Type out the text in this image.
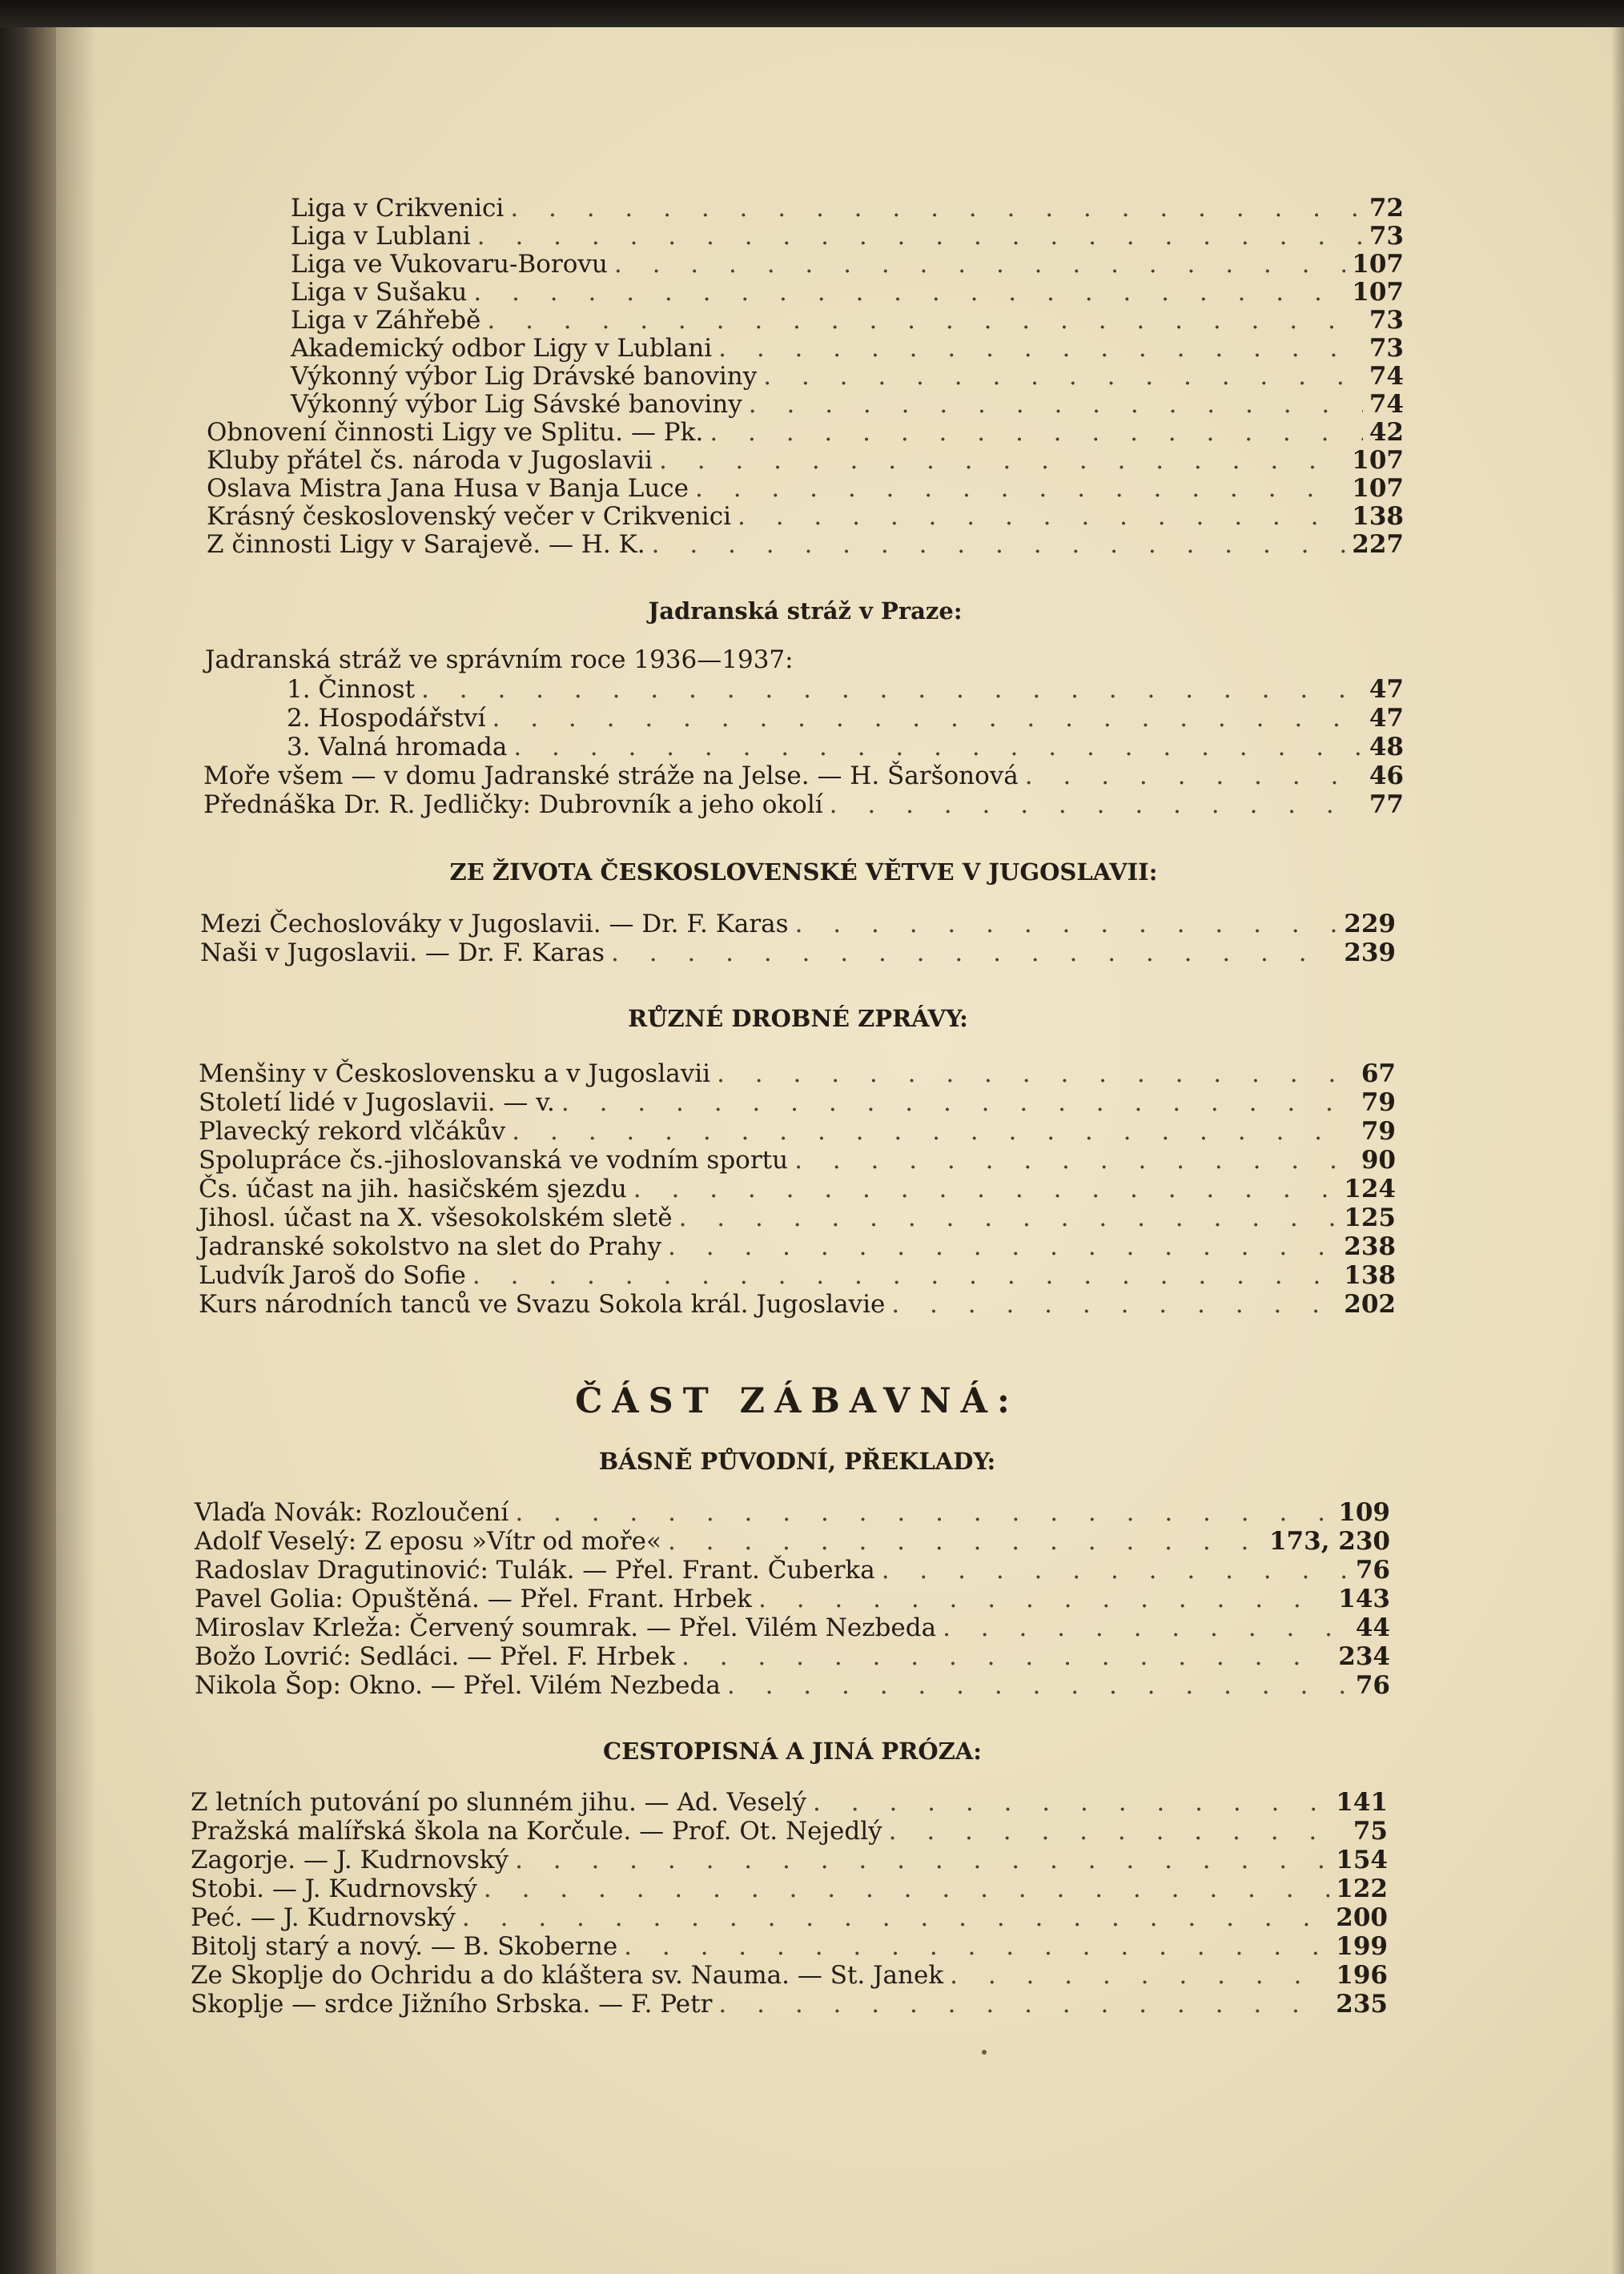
Liga v Crikvenici . . .	72
Liga v Lublani . . .	73
Liga ve Vukovaru-Borovu . . .	107
Liga v Sušaku . . .	107
Liga v Záhřebě . . .	73
Akademický odbor Ligy v Lublani . . .	73
Výkonný výbor Lig Drávské banoviny . . .	74
Výkonný výbor Lig Sávské banoviny . . .	74
Obnovení činnosti Ligy ve Splitu. — Pk. . . .	42
Kluby přátel čs. národa v Jugoslavii . . .	107
Oslava Mistra Jana Husa v Banja Luce . . .	107
Krásný československý večer v Crikvenici . . .	138
Z činnosti Ligy v Sarajevě. — H. K. . . .	227
Jadranská stráž v Praze:
Jadranská stráž ve správním roce 1936—1937:
1. Činnost . . .	47
2. Hospodářství . . .	47
3. Valná hromada . . .	48
Moře všem — v domu Jadranské stráže na Jelse. — H. Šaršonová . . .	46
Přednáška Dr. R. Jedličky: Dubrovník a jeho okolí . . .	77
ZE ŽIVOTA ČESKOSLOVENSKÉ VĚTVE V JUGOSLAVII:
Mezi Čechoslováky v Jugoslavii. — Dr. F. Karas . . .	229
Naši v Jugoslavii. — Dr. F. Karas . . .	239
RŮZNÉ DROBNÉ ZPRÁVY:
Menšiny v Československu a v Jugoslavii . . .	67
Století lidé v Jugoslavii. — v. . . .	79
Plavecký rekord vlčákův . . .	79
Spolupráce čs.-jihoslovanská ve vodním sportu . . .	90
Čs. účast na jih. hasičském sjezdu . . .	124
Jihosl. účast na X. všesokolském sletě . . .	125
Jadranské sokolstvo na slet do Prahy . . .	238
Ludvík Jaroš do Sofie . . .	138
Kurs národních tanců ve Svazu Sokola král. Jugoslavie . . .	202
ČÁST ZÁBAVNÁ:
BÁSNĚ PŮVODNÍ, PŘEKLADY:
Vlaďa Novák: Rozloučení . . .	109
Adolf Veselý: Z eposu »Vítr od moře« . . .	173, 230
Radoslav Dragutinović: Tulák. — Přel. Frant. Čuberka . . .	76
Pavel Golia: Opuštěná. — Přel. Frant. Hrbek . . .	143
Miroslav Krleža: Červený soumrak. — Přel. Vilém Nezbeda . . .	44
Božo Lovrić: Sedláci. — Přel. F. Hrbek . . .	234
Nikola Šop: Okno. — Přel. Vilém Nezbeda . . .	76
CESTOPISNÁ A JINÁ PRÓZA:
Z letních putování po slunném jihu. — Ad. Veselý . . .	141
Pražská malířská škola na Korčule. — Prof. Ot. Nejedlý . . .	75
Zagorje. — J. Kudrnovský . . .	154
Stobi. — J. Kudrnovský . . .	122
Peć. — J. Kudrnovský . . .	200
Bitolj starý a nový. — B. Skoberne . . .	199
Ze Skoplje do Ochridu a do kláštera sv. Nauma. — St. Janek . . .	196
Skoplje — srdce Jižního Srbska. — F. Petr . . .	235
